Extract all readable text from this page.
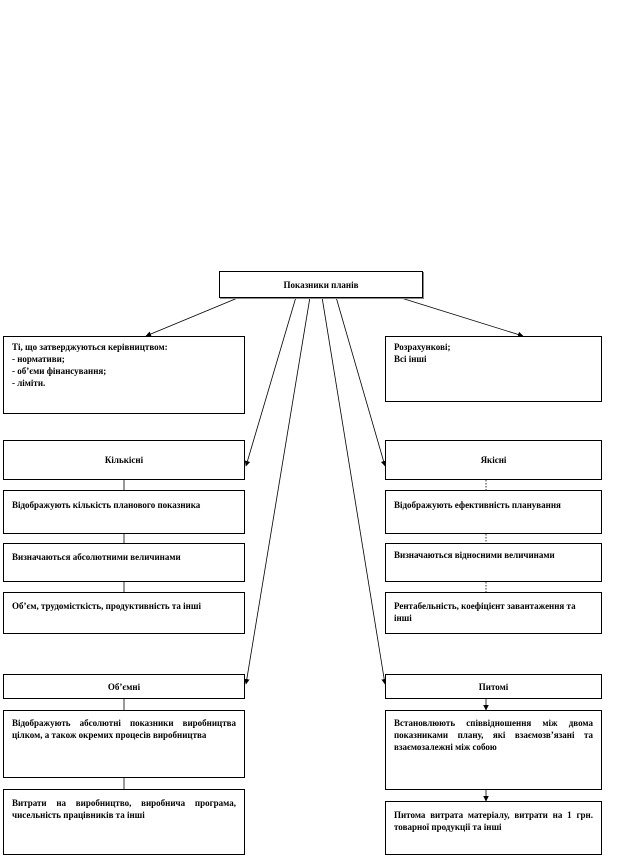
Показники планів
Ті, що затверджуються керівництвом:
- нормативи;
- об’єми фінансування;
- ліміти.
Розрахункові;
Всі інші
Кількісні
Відображують кількість планового показника
Визначаються абсолютними величинами
Об’єм, трудомісткість, продуктивність та інші
Якісні
Відображують ефективність планування
Визначаються відносними величинами
Рентабельність, коефіцієнт завантаження та інші
Об’ємні
Відображують абсолютні показники виробництва цілком, а також окремих процесів виробництва
Витрати на виробництво, виробнича програма, чисельність працівників та інші
Питомі
Встановлюють співвідношення між двома показниками плану, які взаємозв’язані та взаємозалежні між собою
Питома витрата матеріалу, витрати на 1 грн. товарної продукції та інші
